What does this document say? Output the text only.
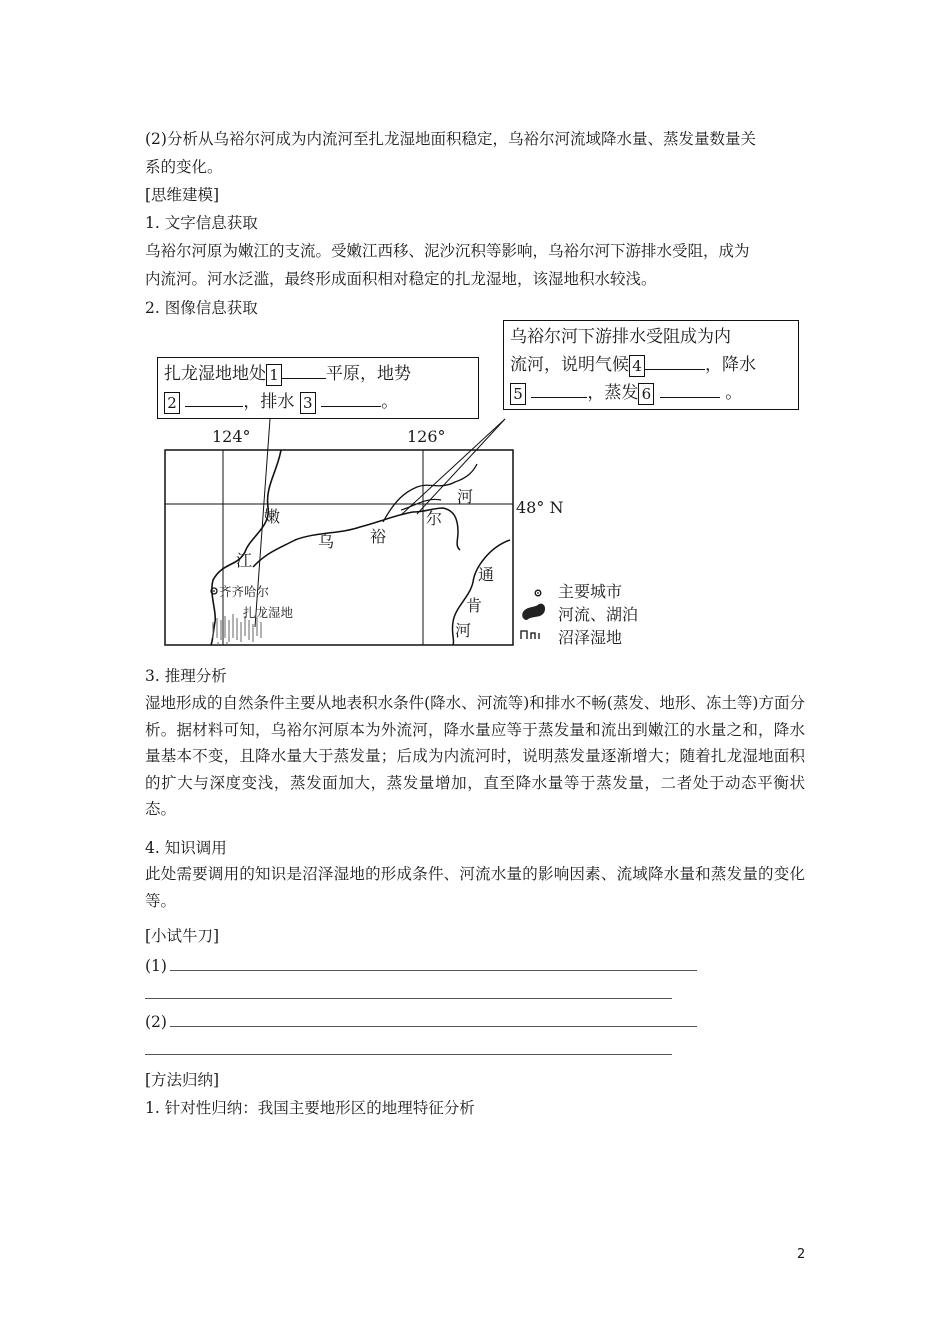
(2)分析从乌裕尔河成为内流河至扎龙湿地面积稳定，乌裕尔河流域降水量、蒸发量数量关
系的变化。
[思维建模]
1. 文字信息获取
乌裕尔河原为嫩江的支流。受嫩江西移、泥沙沉积等影响，乌裕尔河下游排水受阻，成为
内流河。河水泛滥，最终形成面积相对稳定的扎龙湿地，该湿地积水较浅。
2. 图像信息获取
扎龙湿地地处 1	平原，地势
2	，排水 3	。
乌裕尔河下游排水受阻成为内
流河，说明气候 4	，降水
5	，蒸发 6	。
124°	126°
48° N
嫩
江
乌 裕
尔
河
通
肯
河
齐齐哈尔
扎龙湿地
主要城市
河流、湖泊
沼泽湿地
3. 推理分析
湿地形成的自然条件主要从地表积水条件(降水、河流等)和排水不畅(蒸发、地形、冻土等)方面分析。据材料可知，乌裕尔河原本为外流河，降水量应等于蒸发量和流出到嫩江的水量之和，降水量基本不变，且降水量大于蒸发量；后成为内流河时，说明蒸发量逐渐增大；随着扎龙湿地面积的扩大与深度变浅，蒸发面加大，蒸发量增加，直至降水量等于蒸发量，二者处于动态平衡状态。
4. 知识调用
此处需要调用的知识是沼泽湿地的形成条件、河流水量的影响因素、流域降水量和蒸发量的变化等。
[小试牛刀]
(1)
(2)
[方法归纳]
1. 针对性归纳：我国主要地形区的地理特征分析
2
